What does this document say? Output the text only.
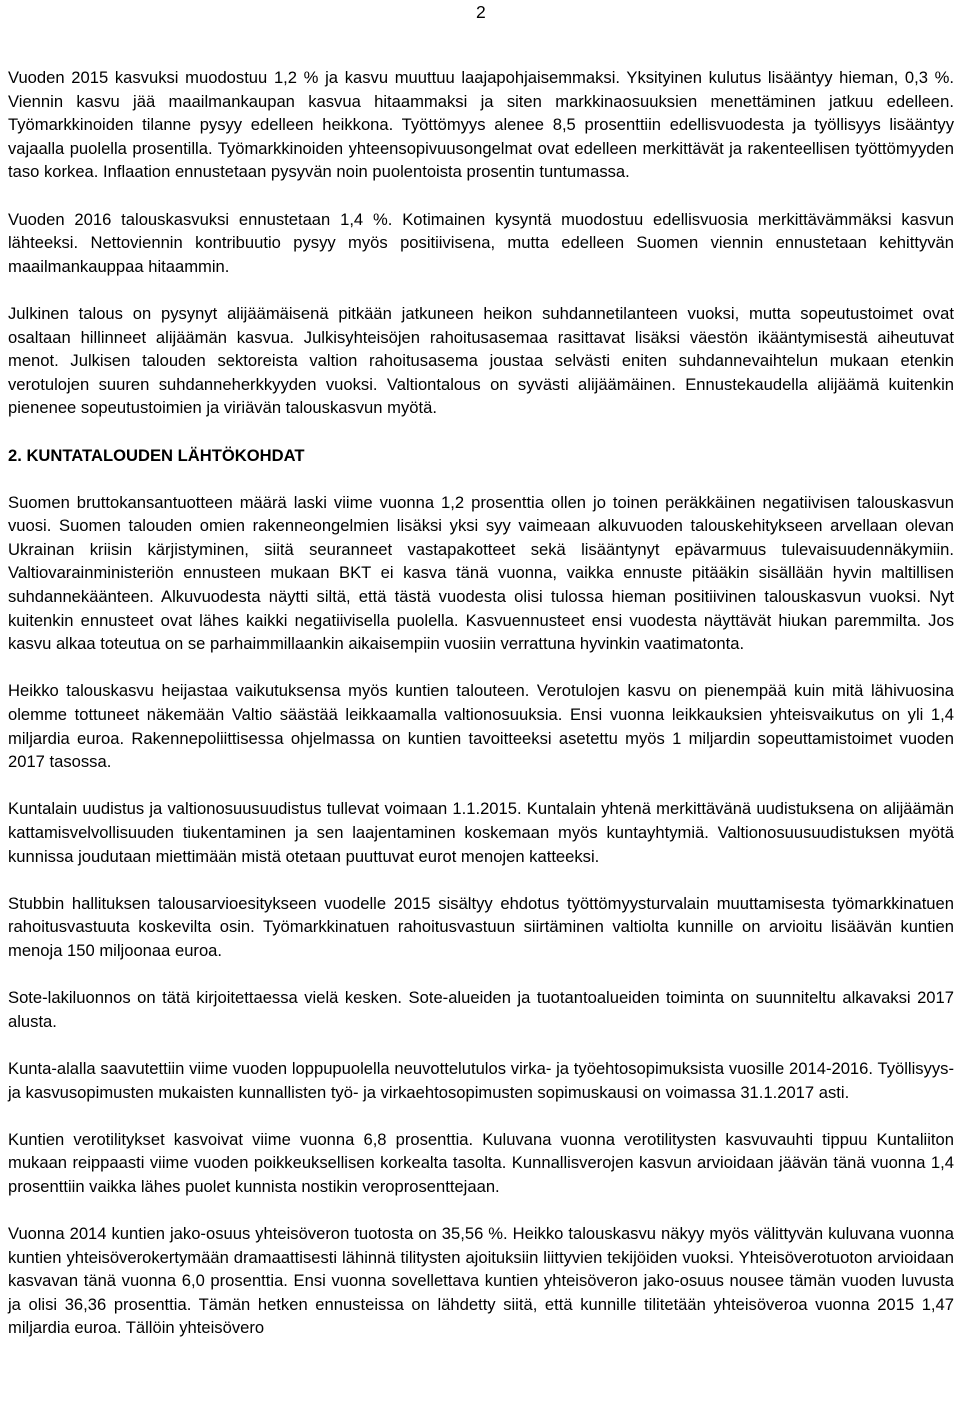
2

Vuoden 2015 kasvuksi muodostuu 1,2 % ja kasvu muuttuu laajapohjaisemmaksi. Yksityinen kulutus lisääntyy hieman, 0,3 %. Viennin kasvu jää maailmankaupan kasvua hitaammaksi ja siten markkinaosuuksien menettäminen jatkuu edelleen. Työmarkkinoiden tilanne pysyy edelleen heikkona. Työttömyys alenee 8,5 prosenttiin edellisvuodesta ja työllisyys lisääntyy vajaalla puolella prosentilla. Työmarkkinoiden yhteensopivuusongelmat ovat edelleen merkittävät ja rakenteellisen työttömyyden taso korkea. Inflaation ennustetaan pysyvän noin puolentoista prosentin tuntumassa.

Vuoden 2016 talouskasvuksi ennustetaan 1,4 %. Kotimainen kysyntä muodostuu edellisvuosia merkittävämmäksi kasvun lähteeksi. Nettoviennin kontribuutio pysyy myös positiivisena, mutta edelleen Suomen viennin ennustetaan kehittyvän maailmankauppaa hitaammin.

Julkinen talous on pysynyt alijäämäisenä pitkään jatkuneen heikon suhdannetilanteen vuoksi, mutta sopeutustoimet ovat osaltaan hillinneet alijäämän kasvua. Julkisyhteisöjen rahoitusasemaa rasittavat lisäksi väestön ikääntymisestä aiheutuvat menot. Julkisen talouden sektoreista valtion rahoitusasema joustaa selvästi eniten suhdannevaihtelun mukaan etenkin verotulojen suuren suhdanneherkkyyden vuoksi. Valtiontalous on syvästi alijäämäinen. Ennustekaudella alijäämä kuitenkin pienenee sopeutustoimien ja viriävän talouskasvun myötä.

2. KUNTATALOUDEN LÄHTÖKOHDAT

Suomen bruttokansantuotteen määrä laski viime vuonna 1,2 prosenttia ollen jo toinen peräkkäinen negatiivisen talouskasvun vuosi. Suomen talouden omien rakenneongelmien lisäksi yksi syy vaimeaan alkuvuoden talouskehitykseen arvellaan olevan Ukrainan kriisin kärjistyminen, siitä seuranneet vastapakotteet sekä lisääntynyt epävarmuus tulevaisuudennäkymiin. Valtiovarainministeriön ennusteen mukaan BKT ei kasva tänä vuonna, vaikka ennuste pitääkin sisällään hyvin maltillisen suhdannekäänteen. Alkuvuodesta näytti siltä, että tästä vuodesta olisi tulossa hieman positiivinen talouskasvun vuoksi. Nyt kuitenkin ennusteet ovat lähes kaikki negatiivisella puolella. Kasvuennusteet ensi vuodesta näyttävät hiukan paremmilta. Jos kasvu alkaa toteutua on se parhaimmillaankin aikaisempiin vuosiin verrattuna hyvinkin vaatimatonta.

Heikko talouskasvu heijastaa vaikutuksensa myös kuntien talouteen. Verotulojen kasvu on pienempää kuin mitä lähivuosina olemme tottuneet näkemään Valtio säästää leikkaamalla valtionosuuksia. Ensi vuonna leikkauksien yhteisvaikutus on yli 1,4 miljardia euroa. Rakennepoliittisessa ohjelmassa on kuntien tavoitteeksi asetettu myös 1 miljardin sopeuttamistoimet vuoden 2017 tasossa.

Kuntalain uudistus ja valtionosuusuudistus tullevat voimaan 1.1.2015. Kuntalain yhtenä merkittävänä uudistuksena on alijäämän kattamisvelvollisuuden tiukentaminen ja sen laajentaminen koskemaan myös kuntayhtymiä. Valtionosuusuudistuksen myötä kunnissa joudutaan miettimään mistä otetaan puuttuvat eurot menojen katteeksi.

Stubbin hallituksen talousarvioesitykseen vuodelle 2015 sisältyy ehdotus työttömyysturvalain muuttamisesta työmarkkinatuen rahoitusvastuuta koskevilta osin. Työmarkkinatuen rahoitusvastuun siirtäminen valtiolta kunnille on arvioitu lisäävän kuntien menoja 150 miljoonaa euroa.

Sote-lakiluonnos on tätä kirjoitettaessa vielä kesken. Sote-alueiden ja tuotantoalueiden toiminta on suunniteltu alkavaksi 2017 alusta.

Kunta-alalla saavutettiin viime vuoden loppupuolella neuvottelutulos virka- ja työehtosopimuksista vuosille 2014-2016. Työllisyys- ja kasvusopimusten mukaisten kunnallisten työ- ja virkaehtosopimusten sopimuskausi on voimassa 31.1.2017 asti.

Kuntien verotilitykset kasvoivat viime vuonna 6,8 prosenttia. Kuluvana vuonna verotilitysten kasvuvauhti tippuu Kuntaliiton mukaan reippaasti viime vuoden poikkeuksellisen korkealta tasolta. Kunnallisverojen kasvun arvioidaan jäävän tänä vuonna 1,4 prosenttiin vaikka lähes puolet kunnista nostikin veroprosenttejaan.

Vuonna 2014 kuntien jako-osuus yhteisöveron tuotosta on 35,56 %. Heikko talouskasvu näkyy myös välittyvän kuluvana vuonna kuntien yhteisöverokertymään dramaattisesti lähinnä tilitysten ajoituksiin liittyvien tekijöiden vuoksi. Yhteisöverotuoton arvioidaan kasvavan tänä vuonna 6,0 prosenttia. Ensi vuonna sovellettava kuntien yhteisöveron jako-osuus nousee tämän vuoden luvusta ja olisi 36,36 prosenttia. Tämän hetken ennusteissa on lähdetty siitä, että kunnille tilitetään yhteisöveroa vuonna 2015 1,47 miljardia euroa. Tällöin yhteisövero
